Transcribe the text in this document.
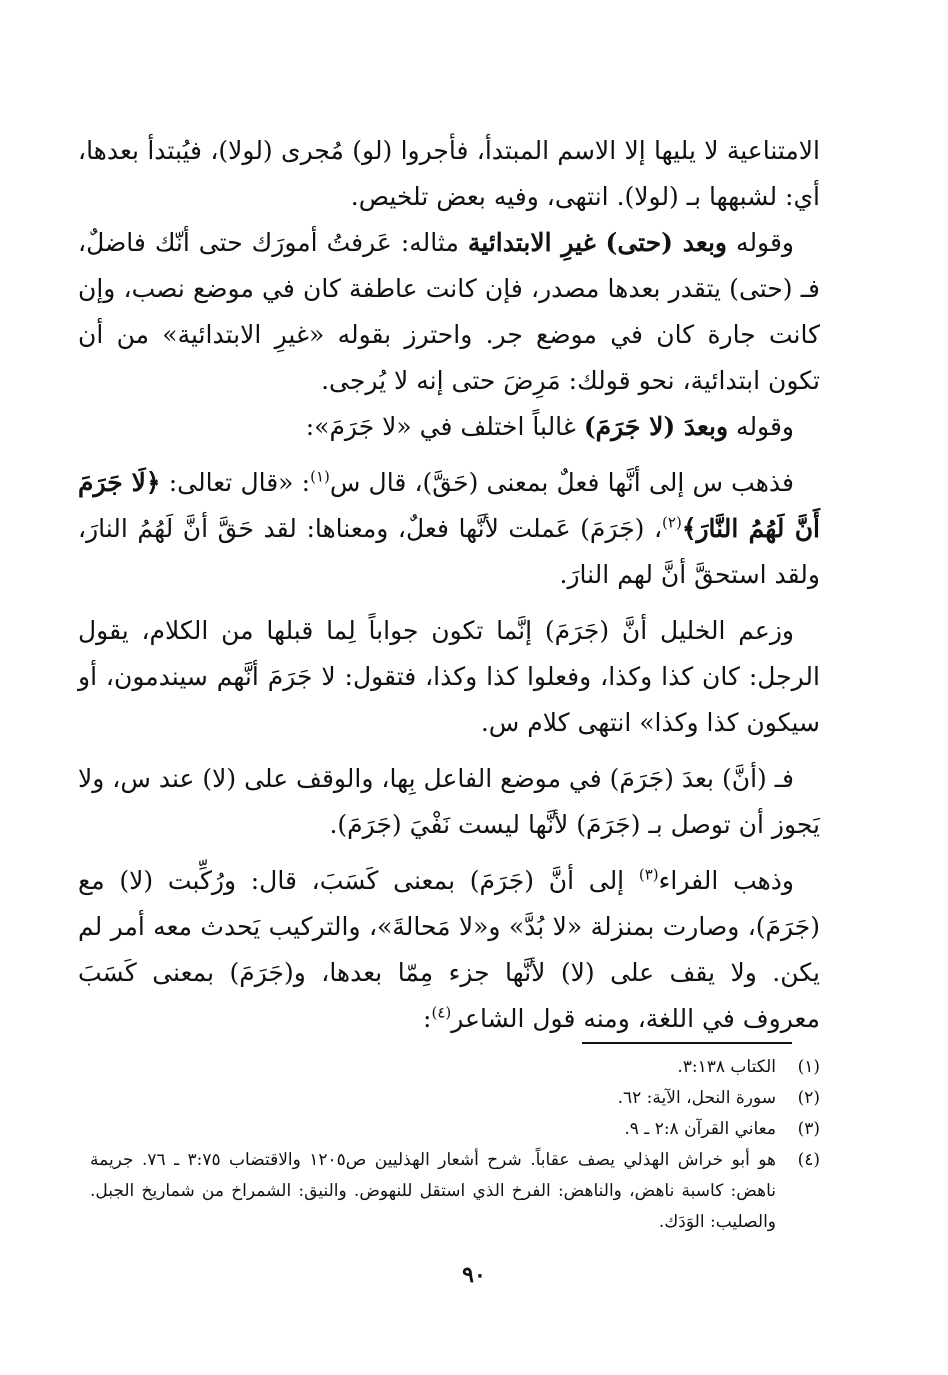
الامتناعية لا يليها إلا الاسم المبتدأ، فأجروا (لو) مُجرى (لولا)، فيُبتدأ بعدها، أي: لشبهها بـ (لولا). انتهى، وفيه بعض تلخيص.

وقوله وبعد (حتى) غيرِ الابتدائية مثاله: عَرفتُ أمورَك حتى أنّك فاضلٌ، فـ (حتى) يتقدر بعدها مصدر، فإن كانت عاطفة كان في موضع نصب، وإن كانت جارة كان في موضع جر. واحترز بقوله «غيرِ الابتدائية» من أن تكون ابتدائية، نحو قولك: مَرِضَ حتى إنه لا يُرجى.

وقوله وبعدَ (لا جَرَمَ) غالباً اختلف في «لا جَرَمَ»:

فذهب س إلى أنَّها فعلٌ بمعنى (حَقَّ)، قال س$^{(١)}$: «قال تعالى: ﴿لَا جَرَمَ أَنَّ لَهُمُ النَّارَ﴾$^{(٢)}$، (جَرَمَ) عَملت لأنَّها فعلٌ، ومعناها: لقد حَقَّ أنَّ لَهُمُ النارَ، ولقد استحقَّ أنَّ لهم النارَ.

وزعم الخليل أنَّ (جَرَمَ) إنَّما تكون جواباً لِما قبلها من الكلام، يقول الرجل: كان كذا وكذا، وفعلوا كذا وكذا، فتقول: لا جَرَمَ أنَّهم سيندمون، أو سيكون كذا وكذا» انتهى كلام س.

فـ (أنَّ) بعدَ (جَرَمَ) في موضع الفاعل بِها، والوقف على (لا) عند س، ولا يَجوز أن توصل بـ (جَرَمَ) لأنَّها ليست نَفْيَ (جَرَمَ).

وذهب الفراء$^{(٣)}$ إلى أنَّ (جَرَمَ) بمعنى كَسَبَ، قال: ورُكِّبت (لا) مع (جَرَمَ)، وصارت بمنزلة «لا بُدَّ» و«لا مَحالةَ»، والتركيب يَحدث معه أمر لم يكن. ولا يقف على (لا) لأنَّها جزء مِمّا بعدها، و(جَرَمَ) بمعنى كَسَبَ معروف في اللغة، ومنه قول الشاعر$^{(٤)}$:

(١)
الكتاب ٣:١٣٨.
(٢)
سورة النحل، الآية: ٦٢.
(٣)
معاني القرآن ٢:٨ ـ ٩.
(٤)
هو أبو خراش الهذلي يصف عقاباً. شرح أشعار الهذليين ص١٢٠٥ والاقتضاب ٣:٧٥ ـ ٧٦. جريمة ناهض: كاسبة ناهض، والناهض: الفرخ الذي استقل للنهوض. والنيق: الشمراخ من شماريخ الجبل. والصليب: الوَدَك.
٩٠
